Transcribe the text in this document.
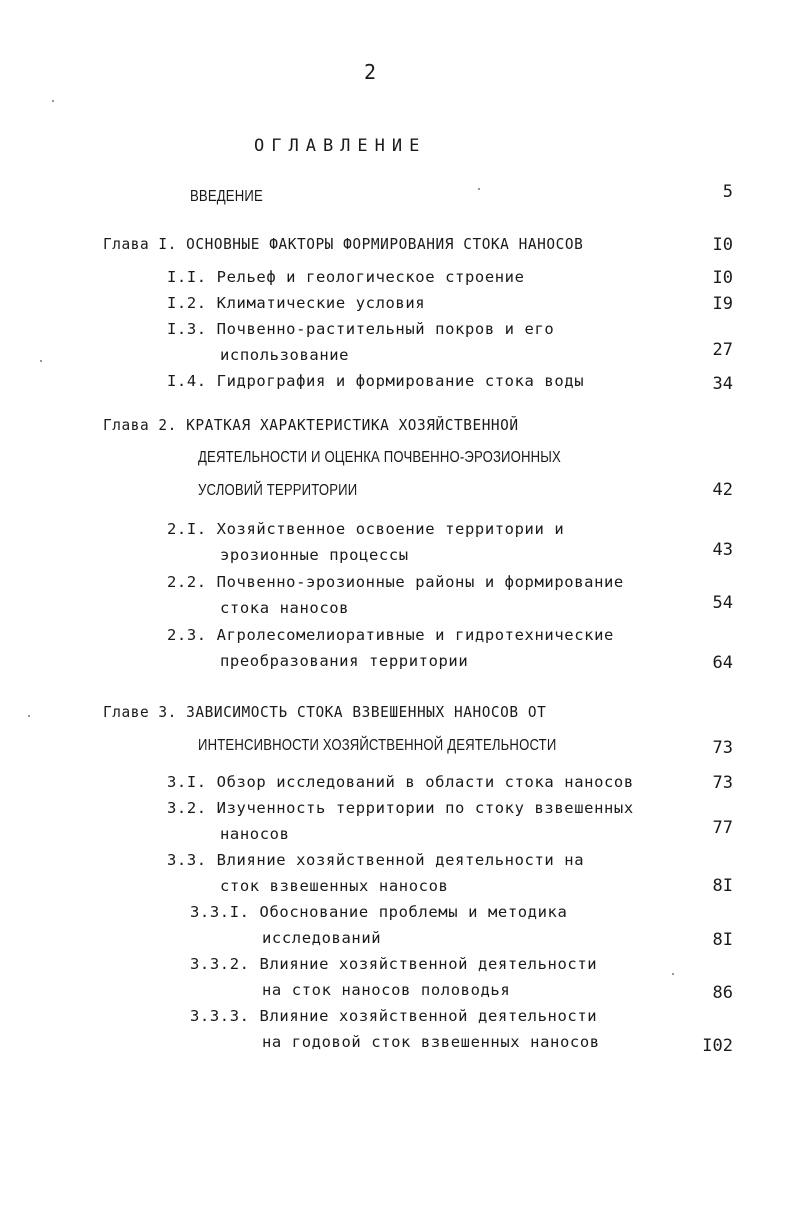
2
ОГЛАВЛЕНИЕ
ВВЕДЕНИЕ	5
Глава I. ОСНОВНЫЕ ФАКТОРЫ ФОРМИРОВАНИЯ СТОКА НАНОСОВ	I0
I.I. Рельеф и геологическое строение	I0
I.2. Климатические условия	I9
I.3. Почвенно-растительный покров и его
использование	27
I.4. Гидрография и формирование стока воды	34
Глава 2. КРАТКАЯ ХАРАКТЕРИСТИКА ХОЗЯЙСТВЕННОЙ
ДЕЯТЕЛЬНОСТИ И ОЦЕНКА ПОЧВЕННО-ЭРОЗИОННЫХ
УСЛОВИЙ ТЕРРИТОРИИ	42
2.I. Хозяйственное освоение территории и
эрозионные процессы	43
2.2. Почвенно-эрозионные районы и формирование
стока наносов	54
2.3. Агролесомелиоративные и гидротехнические
преобразования территории	64
Главе 3. ЗАВИСИМОСТЬ СТОКА ВЗВЕШЕННЫХ НАНОСОВ ОТ
ИНТЕНСИВНОСТИ ХОЗЯЙСТВЕННОЙ ДЕЯТЕЛЬНОСТИ	73
3.I. Обзор исследований в области стока наносов	73
3.2. Изученность территории по стоку взвешенных
наносов	77
3.3. Влияние хозяйственной деятельности на
сток взвешенных наносов	8I
3.3.I. Обоснование проблемы и методика
исследований	8I
3.3.2. Влияние хозяйственной деятельности
на сток наносов половодья	86
3.3.3. Влияние хозяйственной деятельности
на годовой сток взвешенных наносов	I02
